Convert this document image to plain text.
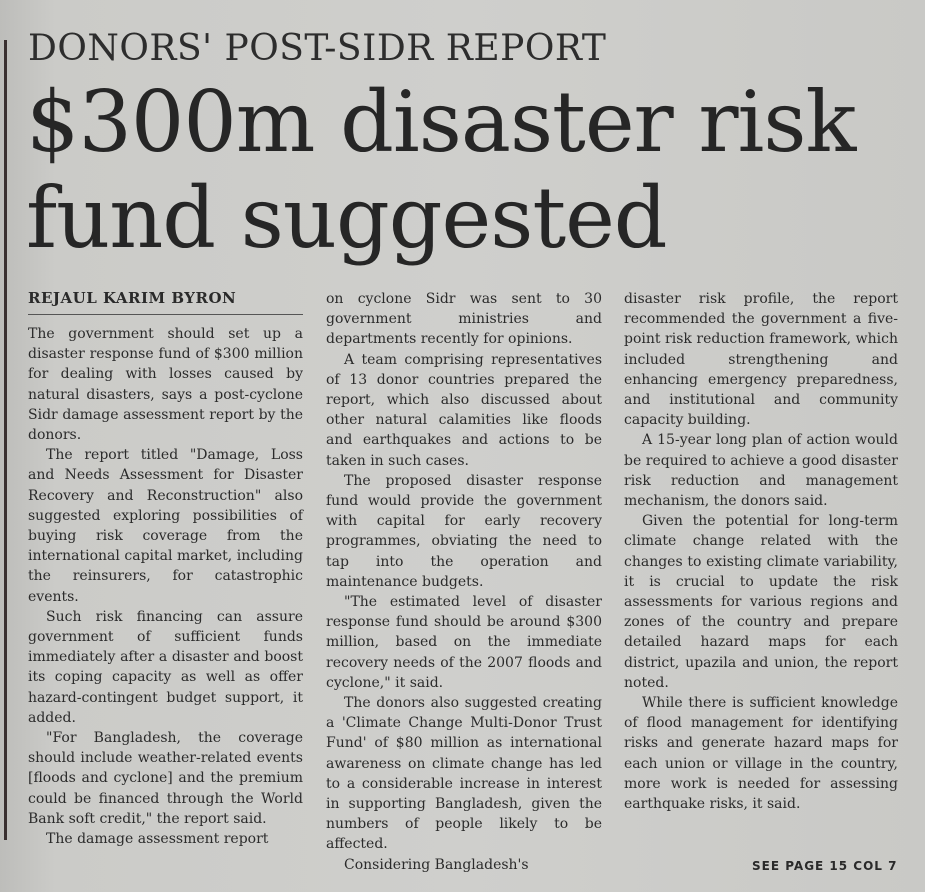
DONORS' POST-SIDR REPORT
$300m disaster risk fund suggested
REJAUL KARIM BYRON

The government should set up a disaster response fund of $300 million for dealing with losses caused by natural disasters, says a post-cyclone Sidr damage assessment report by the donors.

The report titled "Damage, Loss and Needs Assessment for Disaster Recovery and Reconstruction" also suggested exploring possibilities of buying risk coverage from the international capital market, including the reinsurers, for catastrophic events.

Such risk financing can assure government of sufficient funds immediately after a disaster and boost its coping capacity as well as offer hazard-contingent budget support, it added.

"For Bangladesh, the coverage should include weather-related events [floods and cyclone] and the premium could be financed through the World Bank soft credit," the report said.

The damage assessment report

on cyclone Sidr was sent to 30 government ministries and departments recently for opinions.

A team comprising representatives of 13 donor countries prepared the report, which also discussed about other natural calamities like floods and earthquakes and actions to be taken in such cases.

The proposed disaster response fund would provide the government with capital for early recovery programmes, obviating the need to tap into the operation and maintenance budgets.

"The estimated level of disaster response fund should be around $300 million, based on the immediate recovery needs of the 2007 floods and cyclone," it said.

The donors also suggested creating a 'Climate Change Multi-Donor Trust Fund' of $80 million as international awareness on climate change has led to a considerable increase in interest in supporting Bangladesh, given the numbers of people likely to be affected.

Considering Bangladesh's

disaster risk profile, the report recommended the government a five-point risk reduction framework, which included strengthening and enhancing emergency preparedness, and institutional and community capacity building.

A 15-year long plan of action would be required to achieve a good disaster risk reduction and management mechanism, the donors said.

Given the potential for long-term climate change related with the changes to existing climate variability, it is crucial to update the risk assessments for various regions and zones of the country and prepare detailed hazard maps for each district, upazila and union, the report noted.

While there is sufficient knowledge of flood management for identifying risks and generate hazard maps for each union or village in the country, more work is needed for assessing earthquake risks, it said.

SEE PAGE 15 COL 7
